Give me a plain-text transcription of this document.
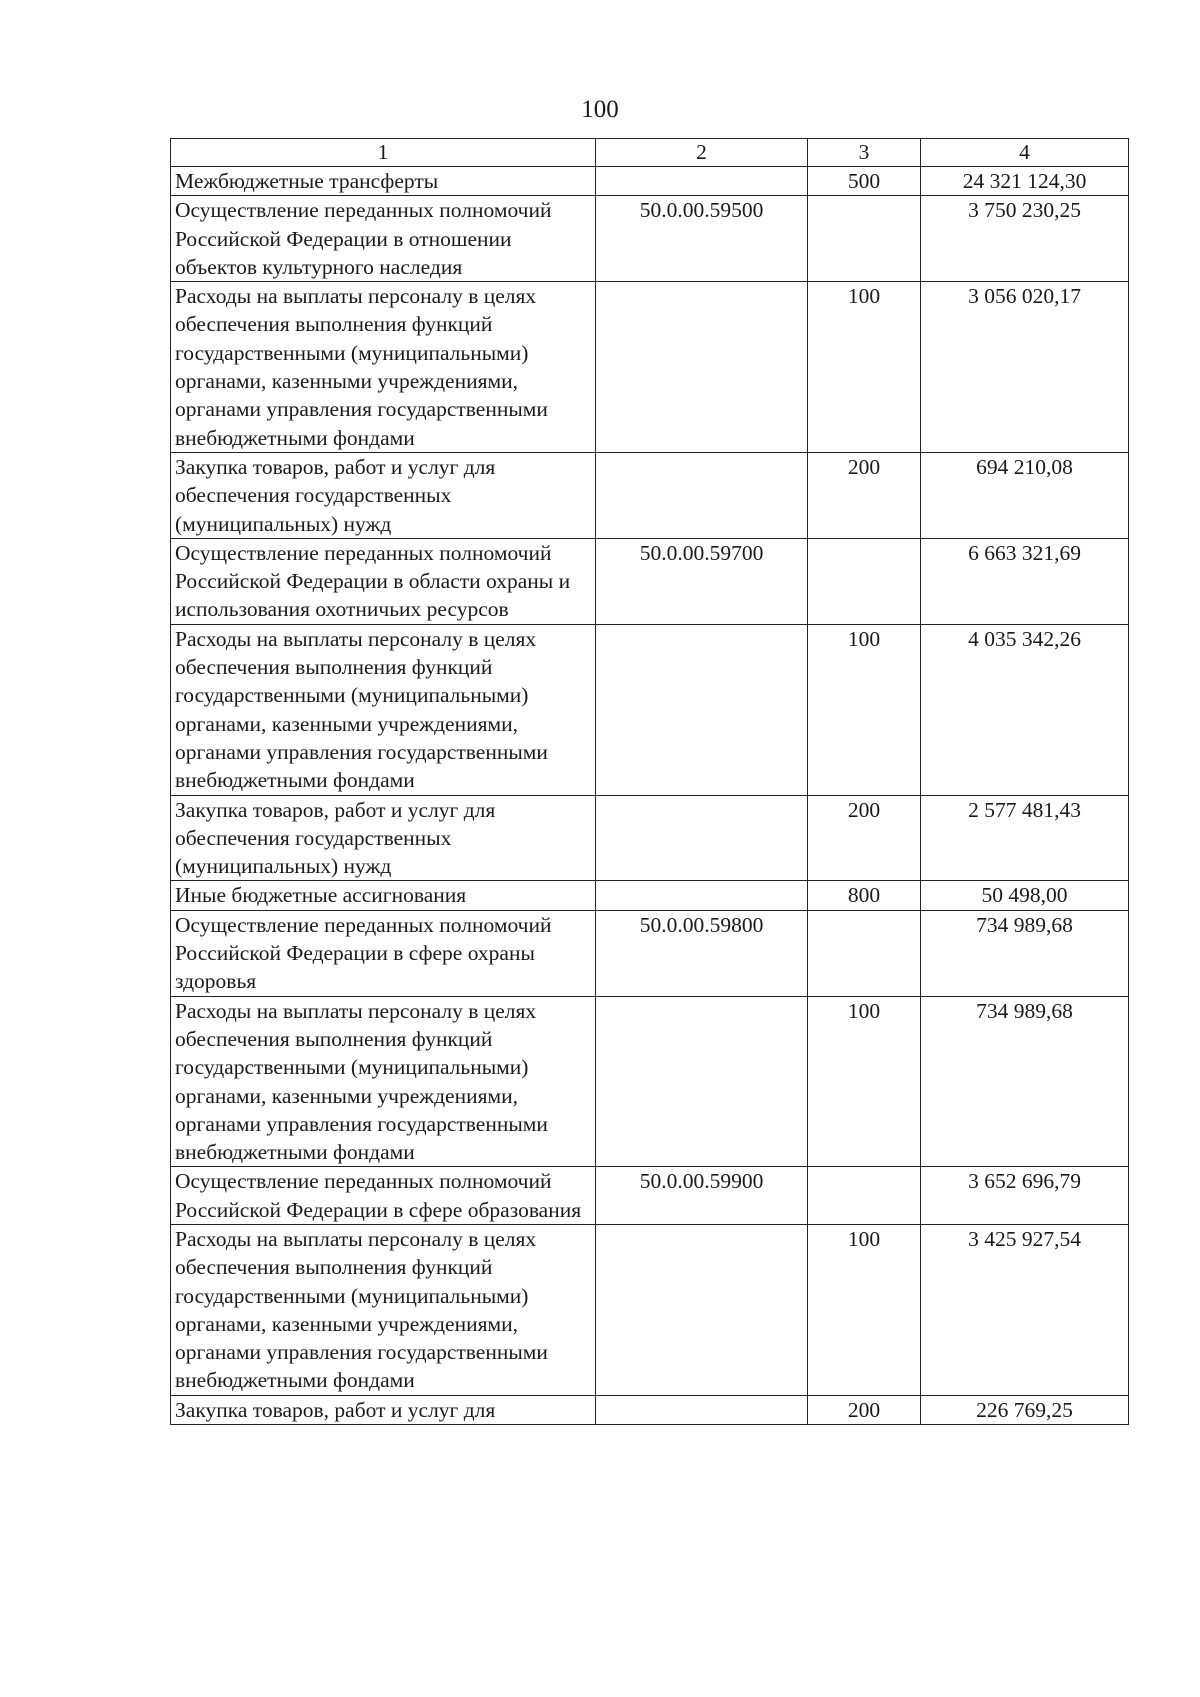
100
1	2	3	4
Межбюджетные трансферты		500	24 321 124,30
Осуществление переданных полномочий Российской Федерации в отношении объектов культурного наследия	50.0.00.59500		3 750 230,25
Расходы на выплаты персоналу в целях обеспечения выполнения функций государственными (муниципальными) органами, казенными учреждениями, органами управления государственными внебюджетными фондами		100	3 056 020,17
Закупка товаров, работ и услуг для обеспечения государственных (муниципальных) нужд		200	694 210,08
Осуществление переданных полномочий Российской Федерации в области охраны и использования охотничьих ресурсов	50.0.00.59700		6 663 321,69
Расходы на выплаты персоналу в целях обеспечения выполнения функций государственными (муниципальными) органами, казенными учреждениями, органами управления государственными внебюджетными фондами		100	4 035 342,26
Закупка товаров, работ и услуг для обеспечения государственных (муниципальных) нужд		200	2 577 481,43
Иные бюджетные ассигнования		800	50 498,00
Осуществление переданных полномочий Российской Федерации в сфере охраны здоровья	50.0.00.59800		734 989,68
Расходы на выплаты персоналу в целях обеспечения выполнения функций государственными (муниципальными) органами, казенными учреждениями, органами управления государственными внебюджетными фондами		100	734 989,68
Осуществление переданных полномочий Российской Федерации в сфере образования	50.0.00.59900		3 652 696,79
Расходы на выплаты персоналу в целях обеспечения выполнения функций государственными (муниципальными) органами, казенными учреждениями, органами управления государственными внебюджетными фондами		100	3 425 927,54
Закупка товаров, работ и услуг для		200	226 769,25
